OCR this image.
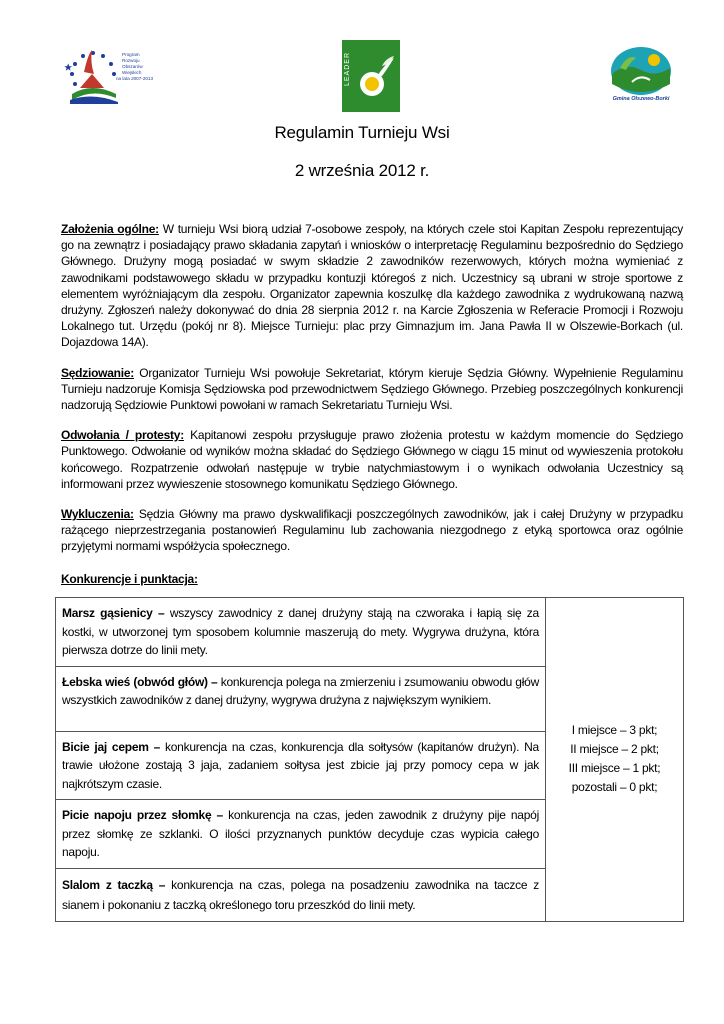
Program
Rozwoju
Obszarów
Wiejskich
na lata 2007-2013	LEADER
Gmina Olszewo-Borki
Regulamin Turnieju Wsi
2 września 2012 r.

Założenia ogólne: W turnieju Wsi biorą udział 7-osobowe zespoły, na których czele stoi Kapitan Zespołu reprezentujący go na zewnątrz i posiadający prawo składania zapytań i wniosków o interpretację Regulaminu bezpośrednio do Sędziego Głównego. Drużyny mogą posiadać w swym składzie 2 zawodników rezerwowych, których można wymieniać z zawodnikami podstawowego składu w przypadku kontuzji któregoś z nich. Uczestnicy są ubrani w stroje sportowe z elementem wyróżniającym dla zespołu. Organizator zapewnia koszulkę dla każdego zawodnika z wydrukowaną nazwą drużyny. Zgłoszeń należy dokonywać do dnia 28 sierpnia 2012 r. na Karcie Zgłoszenia w Referacie Promocji i Rozwoju Lokalnego tut. Urzędu (pokój nr 8). Miejsce Turnieju: plac przy Gimnazjum im. Jana Pawła II w Olszewie-Borkach (ul. Dojazdowa 14A).

Sędziowanie: Organizator Turnieju Wsi powołuje Sekretariat, którym kieruje Sędzia Główny. Wypełnienie Regulaminu Turnieju nadzoruje Komisja Sędziowska pod przewodnictwem Sędziego Głównego. Przebieg poszczególnych konkurencji nadzorują Sędziowie Punktowi powołani w ramach Sekretariatu Turnieju Wsi.

Odwołania / protesty: Kapitanowi zespołu przysługuje prawo złożenia protestu w każdym momencie do Sędziego Punktowego. Odwołanie od wyników można składać do Sędziego Głównego w ciągu 15 minut od wywieszenia protokołu końcowego. Rozpatrzenie odwołań następuje w trybie natychmiastowym i o wynikach odwołania Uczestnicy są informowani przez wywieszenie stosownego komunikatu Sędziego Głównego.

Wykluczenia: Sędzia Główny ma prawo dyskwalifikacji poszczególnych zawodników, jak i całej Drużyny w przypadku rażącego nieprzestrzegania postanowień Regulaminu lub zachowania niezgodnego z etyką sportowca oraz ogólnie przyjętymi normami współżycia społecznego.

Konkurencje i punktacja:

Marsz gąsienicy – wszyscy zawodnicy z danej drużyny stają na czworaka i łapią się za kostki, w utworzonej tym sposobem kolumnie maszerują do mety. Wygrywa drużyna, która pierwsza dotrze do linii mety.	
I miejsce – 3 pkt;
II miejsce – 2 pkt;
III miejsce – 1 pkt;
pozostali – 0 pkt;

Łebska wieś (obwód głów) – konkurencja polega na zmierzeniu i zsumowaniu obwodu głów wszystkich zawodników z danej drużyny, wygrywa drużyna z największym wynikiem.
Bicie jaj cepem – konkurencja na czas, konkurencja dla sołtysów (kapitanów drużyn). Na trawie ułożone zostają 3 jaja, zadaniem sołtysa jest zbicie jaj przy pomocy cepa w jak najkrótszym czasie.
Picie napoju przez słomkę – konkurencja na czas, jeden zawodnik z drużyny pije napój przez słomkę ze szklanki. O ilości przyznanych punktów decyduje czas wypicia całego napoju.
Slalom z taczką – konkurencja na czas, polega na posadzeniu zawodnika na taczce z sianem i pokonaniu z taczką określonego toru przeszkód do linii mety.
